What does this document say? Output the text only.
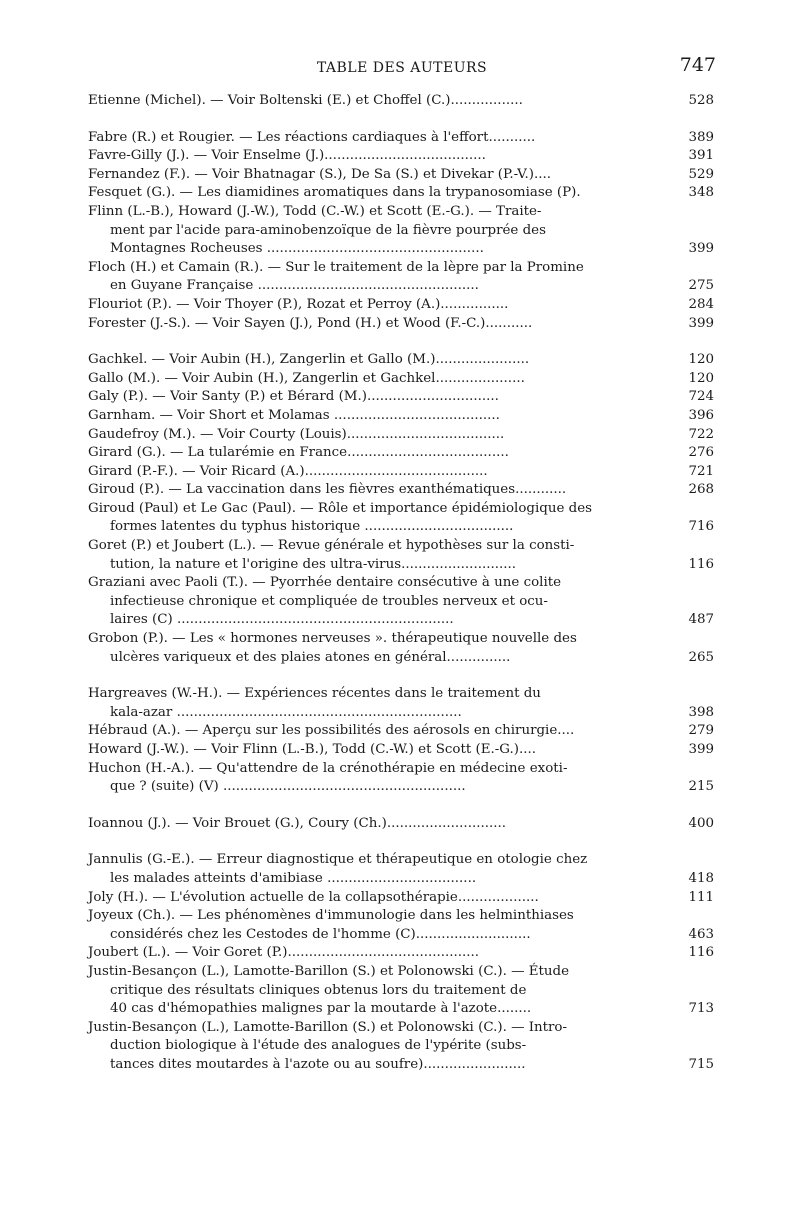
TABLE DES AUTEURS	747
Etienne (Michel). — Voir Boltenski (E.) et Choffel (C.).................	528
Fabre (R.) et Rougier. — Les réactions cardiaques à l'effort...........	389
Favre-Gilly (J.). — Voir Enselme (J.)......................................	391
Fernandez (F.). — Voir Bhatnagar (S.), De Sa (S.) et Divekar (P.-V.)....	529
Fesquet (G.). — Les diamidines aromatiques dans la trypanosomiase (P).	348
Flinn (L.-B.), Howard (J.-W.), Todd (C.-W.) et Scott (E.-G.). — Traite-
ment par l'acide para-aminobenzoïque de la fièvre pourprée des
Montagnes Rocheuses ...................................................	399
Floch (H.) et Camain (R.). — Sur le traitement de la lèpre par la Promine
en Guyane Française ....................................................	275
Flouriot (P.). — Voir Thoyer (P.), Rozat et Perroy (A.)................	284
Forester (J.-S.). — Voir Sayen (J.), Pond (H.) et Wood (F.-C.)...........	399
Gachkel. — Voir Aubin (H.), Zangerlin et Gallo (M.)......................	120
Gallo (M.). — Voir Aubin (H.), Zangerlin et Gachkel.....................	120
Galy (P.). — Voir Santy (P.) et Bérard (M.)...............................	724
Garnham. — Voir Short et Molamas .......................................	396
Gaudefroy (M.). — Voir Courty (Louis).....................................	722
Girard (G.). — La tularémie en France......................................	276
Girard (P.-F.). — Voir Ricard (A.)...........................................	721
Giroud (P.). — La vaccination dans les fièvres exanthématiques............	268
Giroud (Paul) et Le Gac (Paul). — Rôle et importance épidémiologique des
formes latentes du typhus historique ...................................	716
Goret (P.) et Joubert (L.). — Revue générale et hypothèses sur la consti-
tution, la nature et l'origine des ultra-virus...........................	116
Graziani avec Paoli (T.). — Pyorrhée dentaire consécutive à une colite
infectieuse chronique et compliquée de troubles nerveux et ocu-
laires (C) .................................................................	487
Grobon (P.). — Les « hormones nerveuses ». thérapeutique nouvelle des
ulcères variqueux et des plaies atones en général...............	265
Hargreaves (W.-H.). — Expériences récentes dans le traitement du
kala-azar ...................................................................	398
Hébraud (A.). — Aperçu sur les possibilités des aérosols en chirurgie....	279
Howard (J.-W.). — Voir Flinn (L.-B.), Todd (C.-W.) et Scott (E.-G.)....	399
Huchon (H.-A.). — Qu'attendre de la crénothérapie en médecine exoti-
que ? (suite) (V) .........................................................	215
Ioannou (J.). — Voir Brouet (G.), Coury (Ch.)............................	400
Jannulis (G.-E.). — Erreur diagnostique et thérapeutique en otologie chez
les malades atteints d'amibiase ...................................	418
Joly (H.). — L'évolution actuelle de la collapsothérapie...................	111
Joyeux (Ch.). — Les phénomènes d'immunologie dans les helminthiases
considérés chez les Cestodes de l'homme (C)...........................	463
Joubert (L.). — Voir Goret (P.).............................................	116
Justin-Besançon (L.), Lamotte-Barillon (S.) et Polonowski (C.). — Étude
critique des résultats cliniques obtenus lors du traitement de
40 cas d'hémopathies malignes par la moutarde à l'azote........	713
Justin-Besançon (L.), Lamotte-Barillon (S.) et Polonowski (C.). — Intro-
duction biologique à l'étude des analogues de l'ypérite (subs-
tances dites moutardes à l'azote ou au soufre)........................	715
